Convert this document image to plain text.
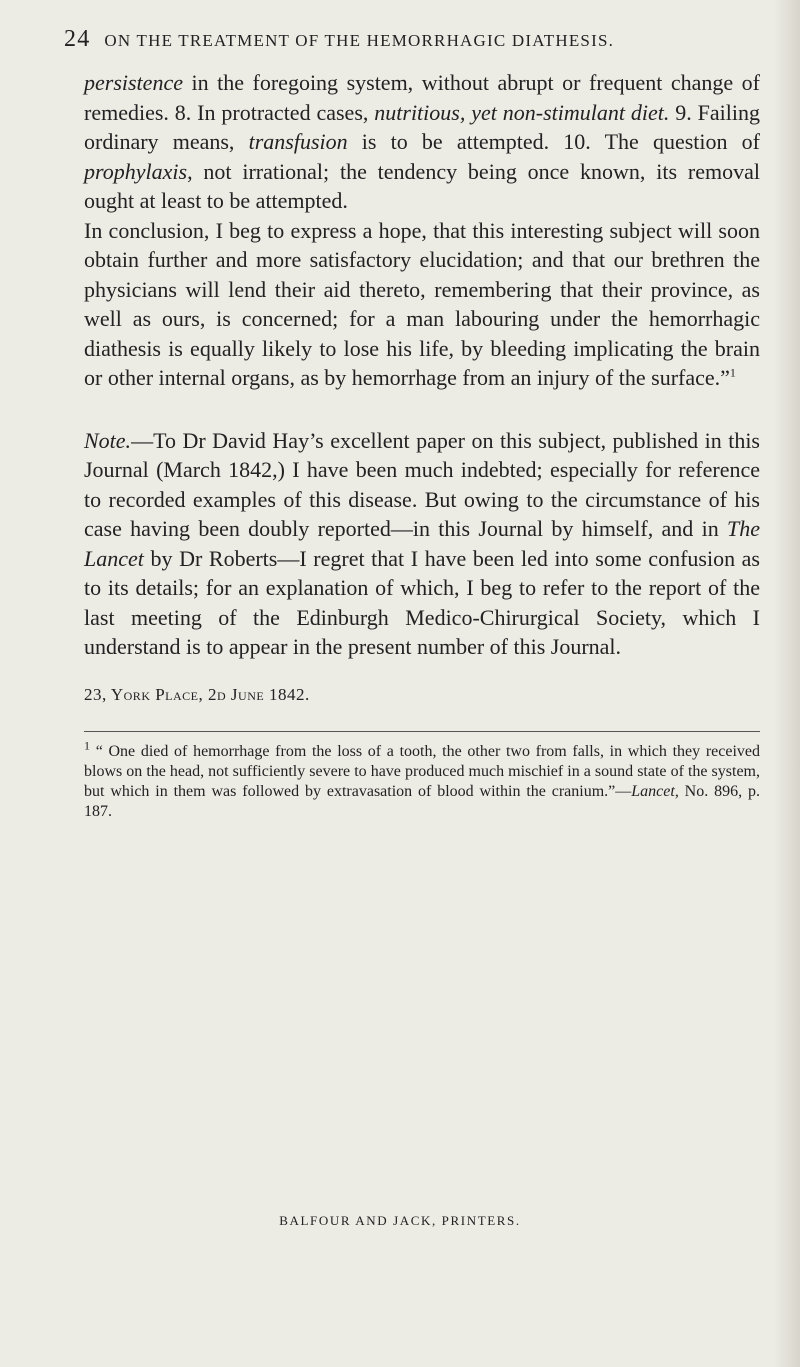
24 ON THE TREATMENT OF THE HEMORRHAGIC DIATHESIS.

persistence in the foregoing system, without abrupt or frequent change of remedies. 8. In protracted cases, nutritious, yet non-stimulant diet. 9. Failing ordinary means, transfusion is to be attempted. 10. The question of prophylaxis, not irrational; the tendency being once known, its removal ought at least to be attempted.

In conclusion, I beg to express a hope, that this interesting subject will soon obtain further and more satisfactory elucidation; and that our brethren the physicians will lend their aid thereto, remembering that their province, as well as ours, is concerned; for a man labouring under the hemorrhagic diathesis is equally likely to lose his life, by bleeding implicating the brain or other internal organs, as by hemorrhage from an injury of the surface.”$^1$

Note.—To Dr David Hay’s excellent paper on this subject, published in this Journal (March 1842,) I have been much indebted; especially for reference to recorded examples of this disease. But owing to the circumstance of his case having been doubly reported—in this Journal by himself, and in The Lancet by Dr Roberts—I regret that I have been led into some confusion as to its details; for an explanation of which, I beg to refer to the report of the last meeting of the Edinburgh Medico-Chirurgical Society, which I understand is to appear in the present number of this Journal.

23, York Place, 2d June 1842.

$^1$ “ One died of hemorrhage from the loss of a tooth, the other two from falls, in which they received blows on the head, not sufficiently severe to have produced much mischief in a sound state of the system, but which in them was followed by extravasation of blood within the cranium.”—Lancet, No. 896, p. 187.

BALFOUR AND JACK, PRINTERS.
